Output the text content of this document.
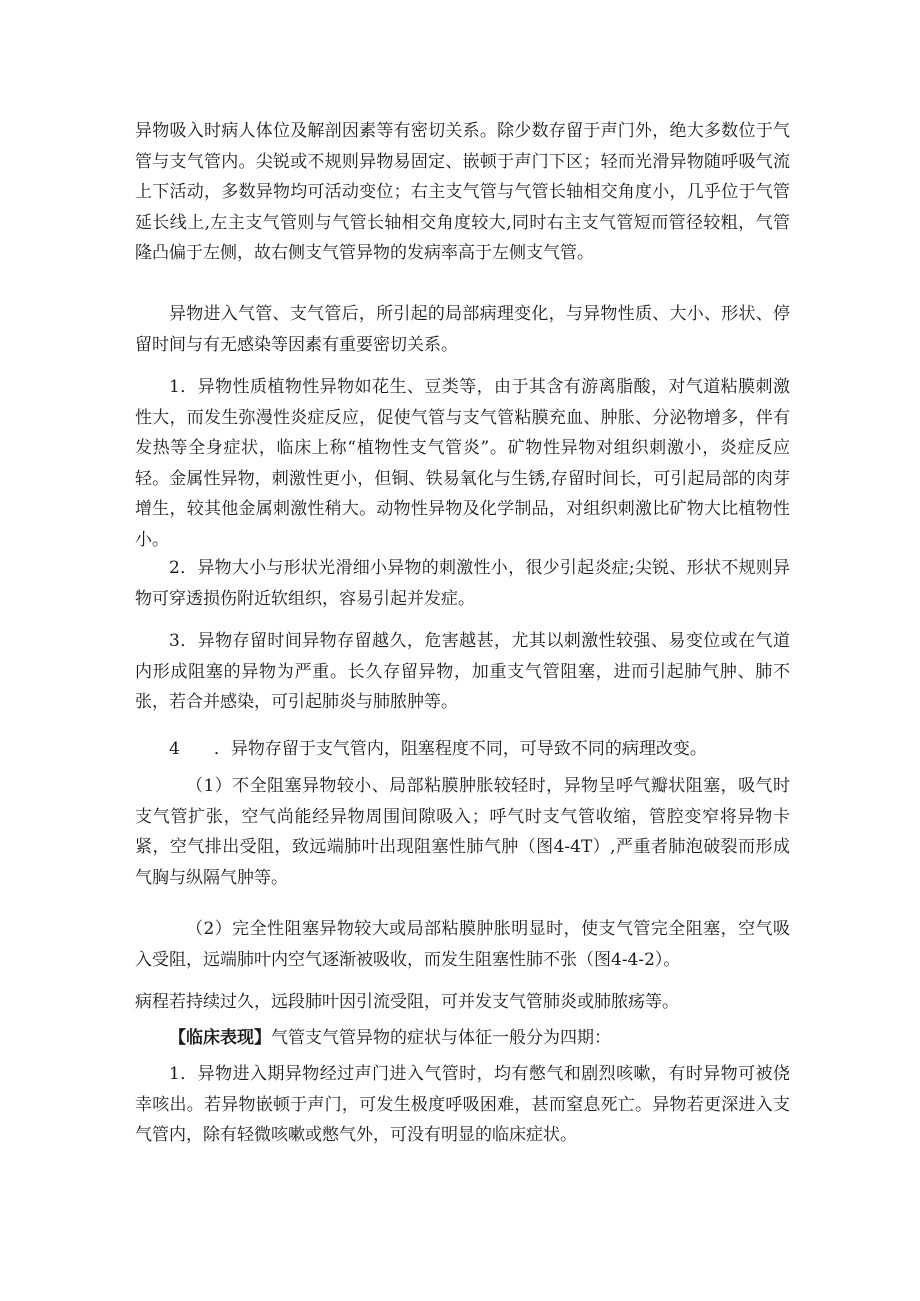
异物吸入时病人体位及解剖因素等有密切关系。除少数存留于声门外，绝大多数位于气管与支气管内。尖锐或不规则异物易固定、嵌顿于声门下区；轻而光滑异物随呼吸气流上下活动，多数异物均可活动变位；右主支气管与气管长轴相交角度小，几乎位于气管延长线上,左主支气管则与气管长轴相交角度较大,同时右主支气管短而管径较粗，气管隆凸偏于左侧，故右侧支气管异物的发病率高于左侧支气管。

异物进入气管、支气管后，所引起的局部病理变化，与异物性质、大小、形状、停留时间与有无感染等因素有重要密切关系。

1．异物性质植物性异物如花生、豆类等，由于其含有游离脂酸，对气道粘膜刺激性大，而发生弥漫性炎症反应，促使气管与支气管粘膜充血、肿胀、分泌物增多，伴有发热等全身症状，临床上称“植物性支气管炎”。矿物性异物对组织刺激小，炎症反应轻。金属性异物，刺激性更小，但铜、铁易氧化与生锈,存留时间长，可引起局部的肉芽增生，较其他金属刺激性稍大。动物性异物及化学制品，对组织刺激比矿物大比植物性小。

2．异物大小与形状光滑细小异物的刺激性小，很少引起炎症;尖锐、形状不规则异物可穿透损伤附近软组织，容易引起并发症。

3．异物存留时间异物存留越久，危害越甚，尤其以刺激性较强、易变位或在气道内形成阻塞的异物为严重。长久存留异物，加重支气管阻塞，进而引起肺气肿、肺不张，若合并感染，可引起肺炎与肺脓肿等。

4　　．异物存留于支气管内，阻塞程度不同，可导致不同的病理改变。

（1）不全阻塞异物较小、局部粘膜肿胀较轻时，异物呈呼气瓣状阻塞，吸气时支气管扩张，空气尚能经异物周围间隙吸入；呼气时支气管收缩，管腔变窄将异物卡紧，空气排出受阻，致远端肺叶出现阻塞性肺气肿（图4-4T）,严重者肺泡破裂而形成气胸与纵隔气肿等。

（2）完全性阻塞异物较大或局部粘膜肿胀明显时，使支气管完全阻塞，空气吸入受阻，远端肺叶内空气逐渐被吸收，而发生阻塞性肺不张（图4-4-2）。

病程若持续过久，远段肺叶因引流受阻，可并发支气管肺炎或肺脓疡等。

【临床表现】气管支气管异物的症状与体征一般分为四期：

1．异物进入期异物经过声门进入气管时，均有憋气和剧烈咳嗽，有时异物可被侥幸咳出。若异物嵌顿于声门，可发生极度呼吸困难，甚而窒息死亡。异物若更深进入支气管内，除有轻微咳嗽或憋气外，可没有明显的临床症状。
